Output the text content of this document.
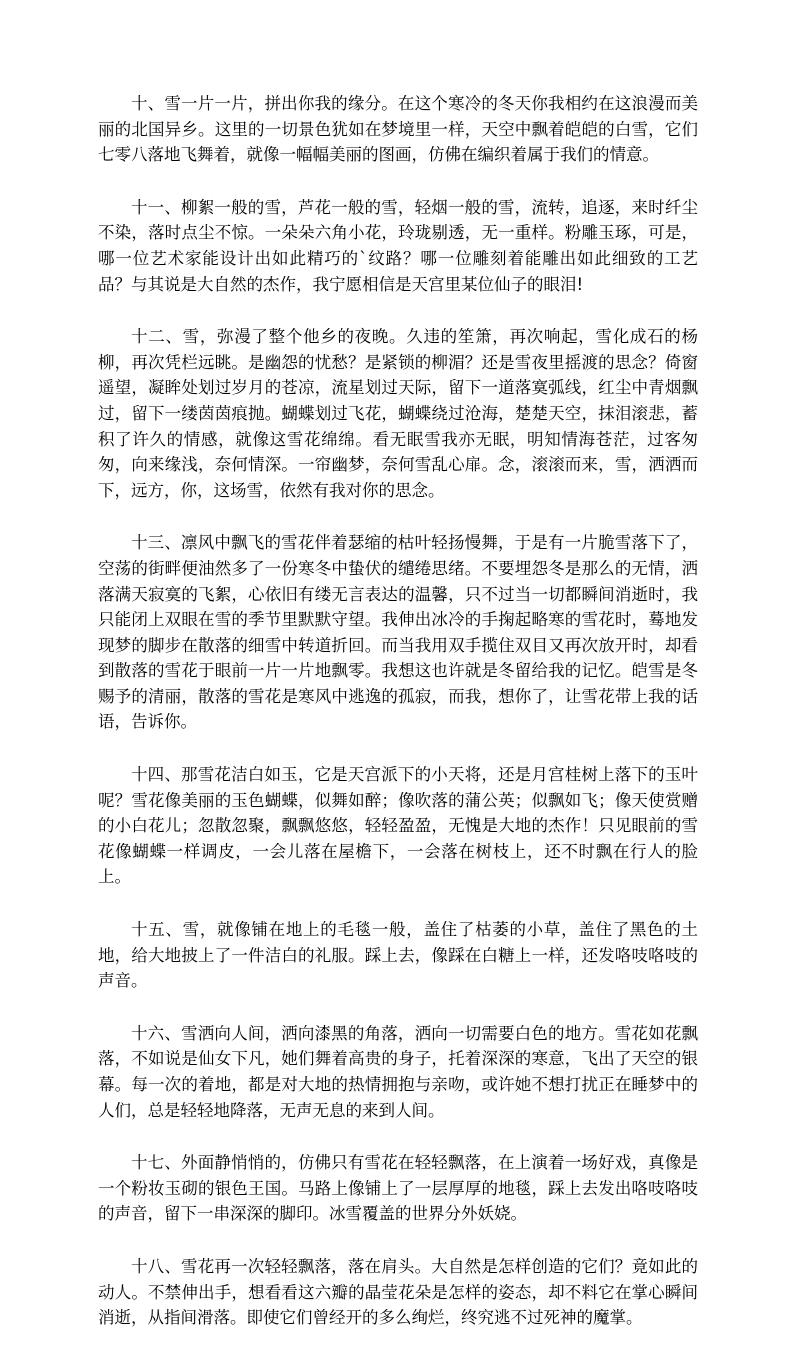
十、雪一片一片，拼出你我的缘分。在这个寒冷的冬天你我相约在这浪漫而美丽的北国异乡。这里的一切景色犹如在梦境里一样，天空中飘着皑皑的白雪，它们七零八落地飞舞着，就像一幅幅美丽的图画，仿佛在编织着属于我们的情意。

十一、柳絮一般的雪，芦花一般的雪，轻烟一般的雪，流转，追逐，来时纤尘不染，落时点尘不惊。一朵朵六角小花，玲珑剔透，无一重样。粉雕玉琢，可是，哪一位艺术家能设计出如此精巧的`纹路？哪一位雕刻着能雕出如此细致的工艺品？与其说是大自然的杰作，我宁愿相信是天宫里某位仙子的眼泪!

十二、雪，弥漫了整个他乡的夜晚。久违的笙箫，再次响起，雪化成石的杨柳，再次凭栏远眺。是幽怨的忧愁？是紧锁的柳湄？还是雪夜里摇渡的思念？倚窗遥望，凝眸处划过岁月的苍凉，流星划过天际，留下一道落寞弧线，红尘中青烟飘过，留下一缕茵茵痕抛。蝴蝶划过飞花，蝴蝶绕过沧海，楚楚天空，抹泪滚悲，蓄积了许久的情感，就像这雪花绵绵。看无眠雪我亦无眠，明知情海苍茫，过客匆匆，向来缘浅，奈何情深。一帘幽梦，奈何雪乱心扉。念，滚滚而来，雪，洒洒而下，远方，你，这场雪，依然有我对你的思念。

十三、凛风中飘飞的雪花伴着瑟缩的枯叶轻扬慢舞，于是有一片脆雪落下了，空荡的街畔便油然多了一份寒冬中蛰伏的缱绻思绪。不要埋怨冬是那么的无情，洒落满天寂寞的飞絮，心依旧有缕无言表达的温馨，只不过当一切都瞬间消逝时，我只能闭上双眼在雪的季节里默默守望。我伸出冰冷的手掬起略寒的雪花时，蓦地发现梦的脚步在散落的细雪中转道折回。而当我用双手揽住双目又再次放开时，却看到散落的雪花于眼前一片一片地飘零。我想这也许就是冬留给我的记忆。皑雪是冬赐予的清丽，散落的雪花是寒风中逃逸的孤寂，而我，想你了，让雪花带上我的话语，告诉你。

十四、那雪花洁白如玉，它是天宫派下的小天将，还是月宫桂树上落下的玉叶呢？雪花像美丽的玉色蝴蝶，似舞如醉；像吹落的蒲公英；似飘如飞；像天使赏赠的小白花儿；忽散忽聚，飘飘悠悠，轻轻盈盈，无愧是大地的杰作！只见眼前的雪花像蝴蝶一样调皮，一会儿落在屋檐下，一会落在树枝上，还不时飘在行人的脸上。

十五、雪，就像铺在地上的毛毯一般，盖住了枯萎的小草，盖住了黑色的土地，给大地披上了一件洁白的礼服。踩上去，像踩在白糖上一样，还发咯吱咯吱的声音。

十六、雪洒向人间，洒向漆黑的角落，洒向一切需要白色的地方。雪花如花飘落，不如说是仙女下凡，她们舞着高贵的身子，托着深深的寒意，飞出了天空的银幕。每一次的着地，都是对大地的热情拥抱与亲吻，或许她不想打扰正在睡梦中的人们，总是轻轻地降落，无声无息的来到人间。

十七、外面静悄悄的，仿佛只有雪花在轻轻飘落，在上演着一场好戏，真像是一个粉妆玉砌的银色王国。马路上像铺上了一层厚厚的地毯，踩上去发出咯吱咯吱的声音，留下一串深深的脚印。冰雪覆盖的世界分外妖娆。

十八、雪花再一次轻轻飘落，落在肩头。大自然是怎样创造的它们？竟如此的动人。不禁伸出手，想看看这六瓣的晶莹花朵是怎样的姿态，却不料它在掌心瞬间消逝，从指间滑落。即使它们曾经开的多么绚烂，终究逃不过死神的魔掌。
